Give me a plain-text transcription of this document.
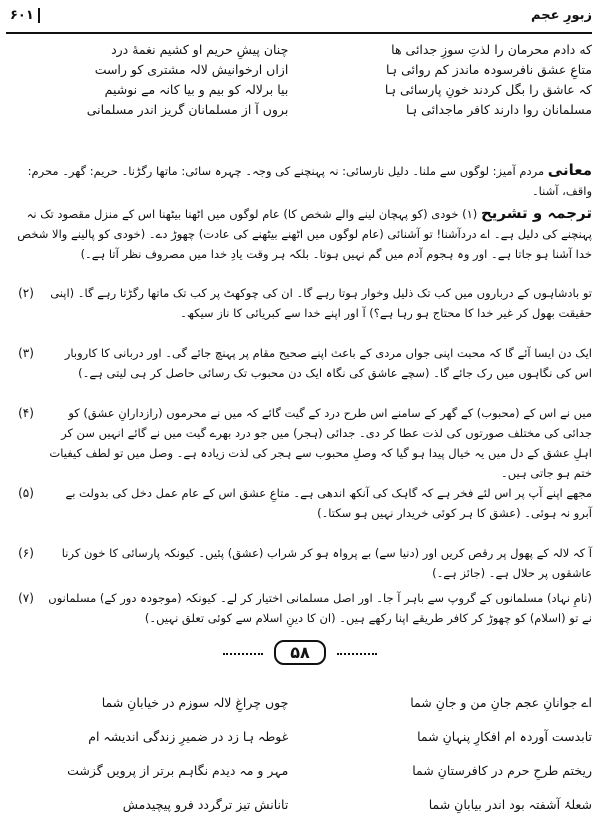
زبورِ عجم
۶۰۱
چنان پیشِ حریم او کشیم نغمهٔ درد	که دادم محرمان را لذتِ سوزِ جدائی ها
ازاں ارخوانیش لالہ مشتری کو راست	متاعِ عشق نافرسودہ ماندز کم روائی ہا
بیا برلالہ کو بیم و بیا کانہ مے نوشیم	کہ عاشق را بگل کردند خونِ پارسائی ہا
بروں آ از مسلمانان گریز اندر مسلمانی	مسلمانان روا دارند کافر ماجدائی ہا
معانی مردم آمیز: لوگوں سے ملنا۔ دلیل نارسائی: نہ پہنچنے کی وجہ۔ چہرہ سائی: ماتھا رگڑنا۔ حریم: گھر۔ محرم: واقف، آشنا۔
ترجمہ و تشریح (۱) خودی (کو پہچان لینے والے شخص کا) عام لوگوں میں اٹھنا بیٹھنا اس کے منزل مقصود تک نہ پہنچنے کی دلیل ہے۔ اے دردآشنا! تو آشنائی (عام لوگوں میں اٹھنے بیٹھنے کی عادت) چھوڑ دے۔ (خودی کو پالینے والا شخص خدا آشنا ہو جاتا ہے۔ اور وہ ہجوم آدم میں گم نہیں ہوتا۔ بلکہ ہر وقت یادِ خدا میں مصروف نظر آتا ہے۔)
(۲)	تو بادشاہوں کے درباروں میں کب تک ذلیل وخوار ہوتا رہے گا۔ ان کی چوکھٹ پر کب تک ماتھا رگڑتا رہے گا۔ (اپنی حقیقت بھول کر غیر خدا کا محتاج ہو رہا ہے؟) آ اور اپنے خدا سے کبریائی کا ناز سیکھ۔
(۳)	ایک دن ایسا آئے گا کہ محبت اپنی جواں مردی کے باعث اپنے صحیح مقام پر پہنچ جائے گی۔ اور دربانی کا کاروبار اس کی نگاہوں میں رک جائے گا۔ (سچے عاشق کی نگاہ ایک دن محبوب تک رسائی حاصل کر ہی لیتی ہے۔)
(۴)	میں نے اس کے (محبوب) کے گھر کے سامنے اس طرح درد کے گیت گائے کہ میں نے محرموں (رازدارانِ عشق) کو جدائی کی مختلف صورتوں کی لذت عطا کر دی۔ جدائی (ہجر) میں جو درد بھرے گیت میں نے گائے انہیں سن کر اہلِ عشق کے دل میں یہ خیال پیدا ہو گیا کہ وصلِ محبوب سے ہجر کی لذت زیادہ ہے۔ وصل میں تو لطف کیفیات ختم ہو جاتی ہیں۔
(۵)	مجھے اپنے آپ پر اس لئے فخر ہے کہ گاہک کی آنکھ اندھی ہے۔ متاعِ عشق اس کے عام عمل دخل کی بدولت بے آبرو نہ ہوئی۔ (عشق کا ہر کوئی خریدار نہیں ہو سکتا۔)
(۶)	آ کہ لالہ کے پھول پر رقص کریں اور (دنیا سے) بے پرواہ ہو کر شراب (عشق) پئیں۔ کیونکہ پارسائی کا خون کرنا عاشقوں پر حلال ہے۔ (جائز ہے۔)
(۷)	(نامِ نہاد) مسلمانوں کے گروپ سے باہر آ جا۔ اور اصل مسلمانی اختیار کر لے۔ کیونکہ (موجودہ دور کے) مسلمانوں نے تو (اسلام) کو چھوڑ کر کافر طریقے اپنا رکھے ہیں۔ (ان کا دینِ اسلام سے کوئی تعلق نہیں۔)
۵۸
چوں چراغِ لالہ سوزم در خیابانِ شما	اے جوانانِ عجم جانِ من و جانِ شما
غوطہ ہا زد در ضمیرِ زندگی اندیشہ ام	تابدست آوردہ ام افکارِ پنہانِ شما
مہر و مہ دیدم نگاہم برتر از پرویں گزشت	ریختم طرحِ حرم در کافرستانِ شما
تانانش تیز ترگردد فرو پیچیدمش	شعلۂ آشفتہ بود اندر بیابانِ شما
